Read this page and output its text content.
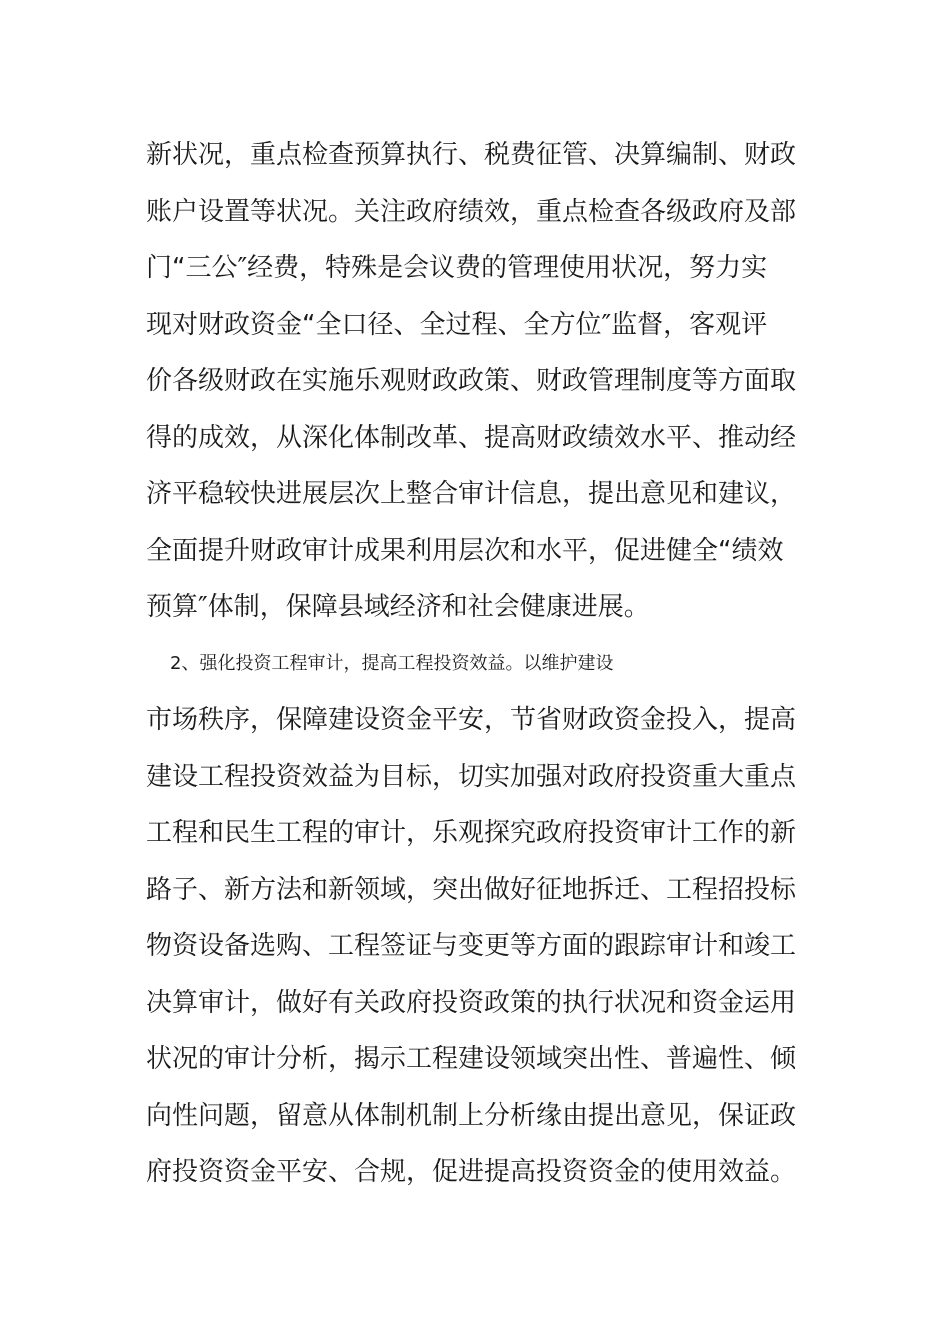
新状况，重点检查预算执行、税费征管、决算编制、财政
账户设置等状况。关注政府绩效，重点检查各级政府及部
门“三公″经费，特殊是会议费的管理使用状况，努力实
现对财政资金“全口径、全过程、全方位″监督，客观评
价各级财政在实施乐观财政政策、财政管理制度等方面取
得的成效，从深化体制改革、提高财政绩效水平、推动经
济平稳较快进展层次上整合审计信息，提出意见和建议，
全面提升财政审计成果利用层次和水平，促进健全“绩效
预算″体制，保障县域经济和社会健康进展。
2、强化投资工程审计，提高工程投资效益。以维护建设
市场秩序，保障建设资金平安，节省财政资金投入，提高
建设工程投资效益为目标，切实加强对政府投资重大重点
工程和民生工程的审计，乐观探究政府投资审计工作的新
路子、新方法和新领域，突出做好征地拆迁、工程招投标
物资设备选购、工程签证与变更等方面的跟踪审计和竣工
决算审计，做好有关政府投资政策的执行状况和资金运用
状况的审计分析，揭示工程建设领域突出性、普遍性、倾
向性问题，留意从体制机制上分析缘由提出意见，保证政
府投资资金平安、合规，促进提高投资资金的使用效益。
